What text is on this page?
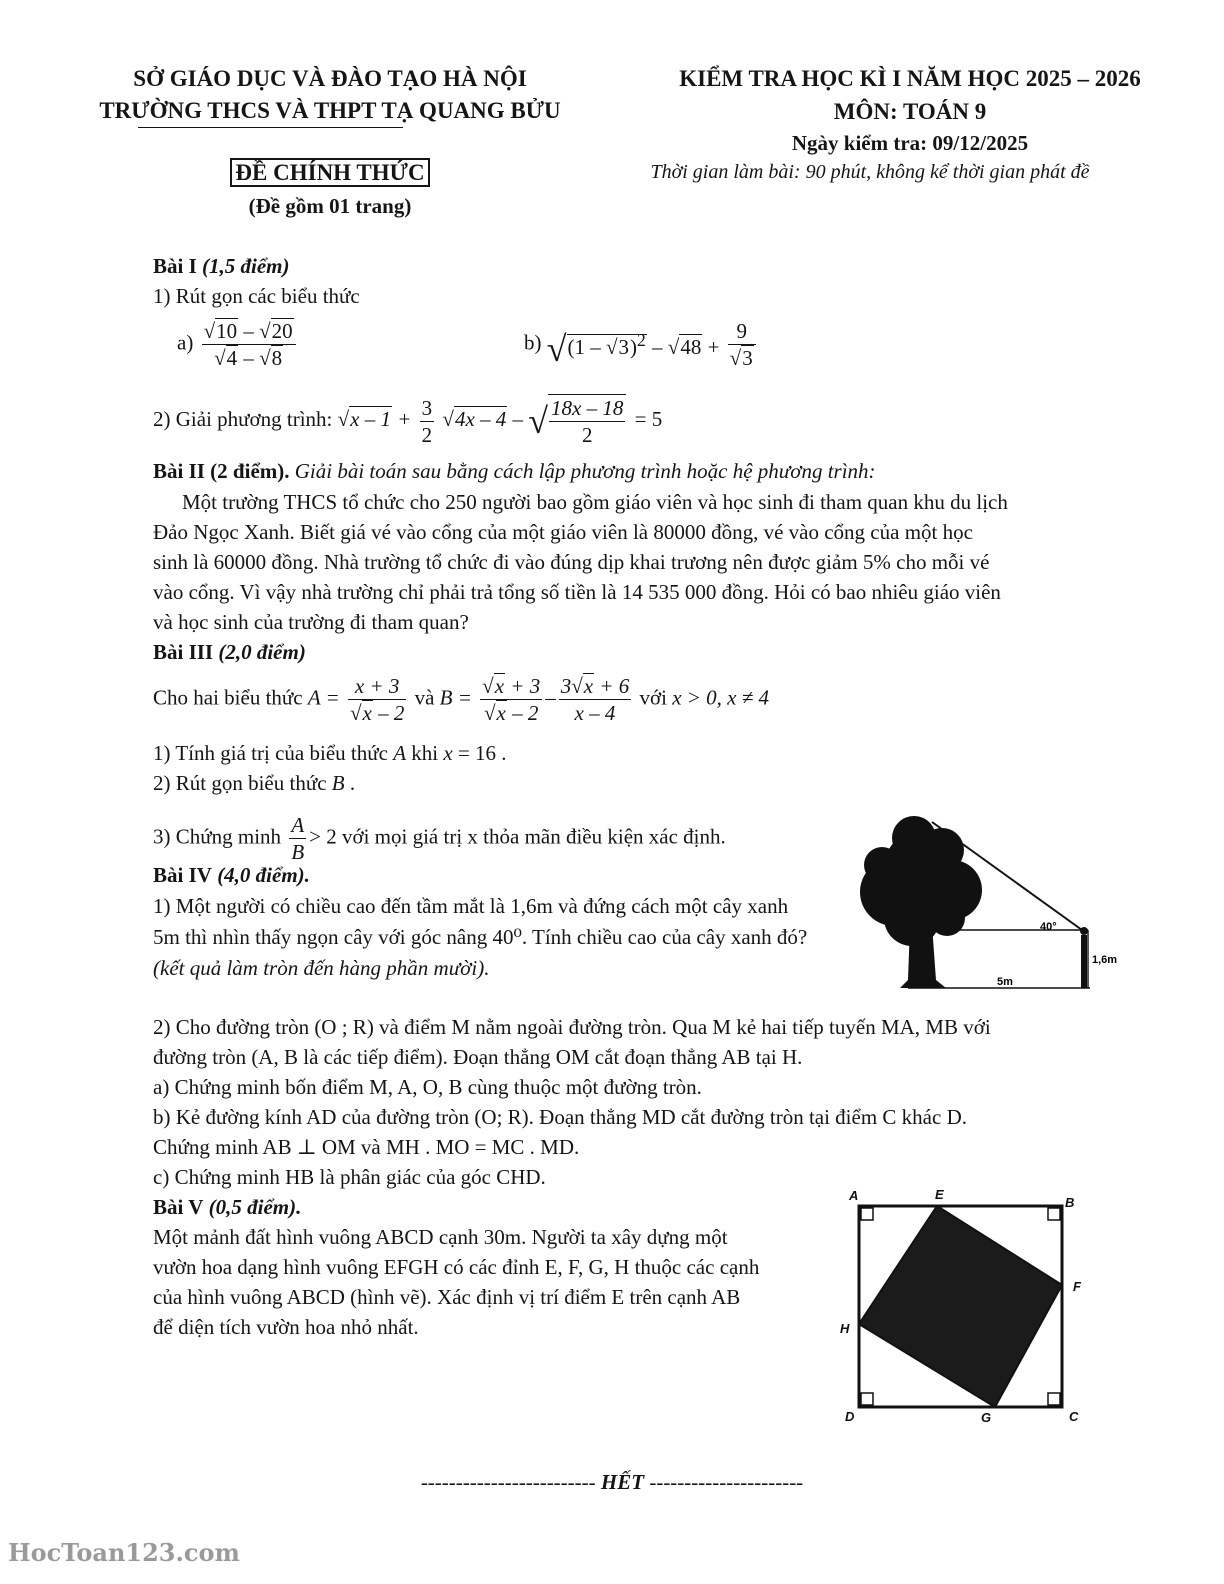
SỞ GIÁO DỤC VÀ ĐÀO TẠO HÀ NỘI
TRƯỜNG THCS VÀ THPT TẠ QUANG BỬU
ĐỀ CHÍNH THỨC
(Đề gồm 01 trang)
KIỂM TRA HỌC KÌ I NĂM HỌC 2025 – 2026
MÔN: TOÁN 9
Ngày kiểm tra: 09/12/2025
Thời gian làm bài: 90 phút, không kể thời gian phát đề
Bài I (1,5 điểm)
1) Rút gọn các biểu thức
$a) \frac{√10 - √20}{√4 - √8}$	b) $√(1 - √3)^2 - √48 + \frac{9}{√3}$
2) Giải phương trình: $√x - 1 + \frac{3}{2} √4x - 4$ – √ $\frac{18x - 18}{2} = 5$
Bài II (2 điểm). Giải bài toán sau bằng cách lập phương trình hoặc hệ phương trình:
Một trường THCS tổ chức cho 250 người bao gồm giáo viên và học sinh đi tham quan khu du lịch
Đảo Ngọc Xanh. Biết giá vé vào cổng của một giáo viên là 80000 đồng, vé vào cổng của một học
sinh là 60000 đồng. Nhà trường tổ chức đi vào đúng dịp khai trương nên được giảm 5% cho mỗi vé
vào cổng. Vì vậy nhà trường chỉ phải trả tổng số tiền là 14 535 000 đồng. Hỏi có bao nhiêu giáo viên
và học sinh của trường đi tham quan?
Bài III (2,0 điểm)
Cho hai biểu thức $A = \frac{x + 3}{√x - 2}$ và $B = \frac{√x + 3}{√x - 2} - \frac{3√x + 6}{x - 4}$ với x > 0, x ≠ 4
1) Tính giá trị của biểu thức A khi x = 16 .
2) Rút gọn biểu thức B .
3) Chứng minh $\frac{A}{B} > 2$ với mọi giá trị x thỏa mãn điều kiện xác định.
Bài IV (4,0 điểm).
1) Một người có chiều cao đến tầm mắt là 1,6m và đứng cách một cây xanh
5m thì nhìn thấy ngọn cây với góc nâng 40⁰. Tính chiều cao của cây xanh đó?
(kết quả làm tròn đến hàng phần mười).
40°
1,6m
5m
2) Cho đường tròn (O ; R) và điểm M nằm ngoài đường tròn. Qua M kẻ hai tiếp tuyến MA, MB với
đường tròn (A, B là các tiếp điểm). Đoạn thẳng OM cắt đoạn thẳng AB tại H.
a) Chứng minh bốn điểm M, A, O, B cùng thuộc một đường tròn.
b) Kẻ đường kính AD của đường tròn (O; R). Đoạn thẳng MD cắt đường tròn tại điểm C khác D.
Chứng minh AB ⊥ OM và MH . MO = MC . MD.
c) Chứng minh HB là phân giác của góc CHD.
Bài V (0,5 điểm).
Một mảnh đất hình vuông ABCD cạnh 30m. Người ta xây dựng một
vườn hoa dạng hình vuông EFGH có các đỉnh E, F, G, H thuộc các cạnh
của hình vuông ABCD (hình vẽ). Xác định vị trí điểm E trên cạnh AB
để diện tích vườn hoa nhỏ nhất.
A	E
B
F
H
D	G	C
------------------------- HẾT ----------------------
HocToan123.com
